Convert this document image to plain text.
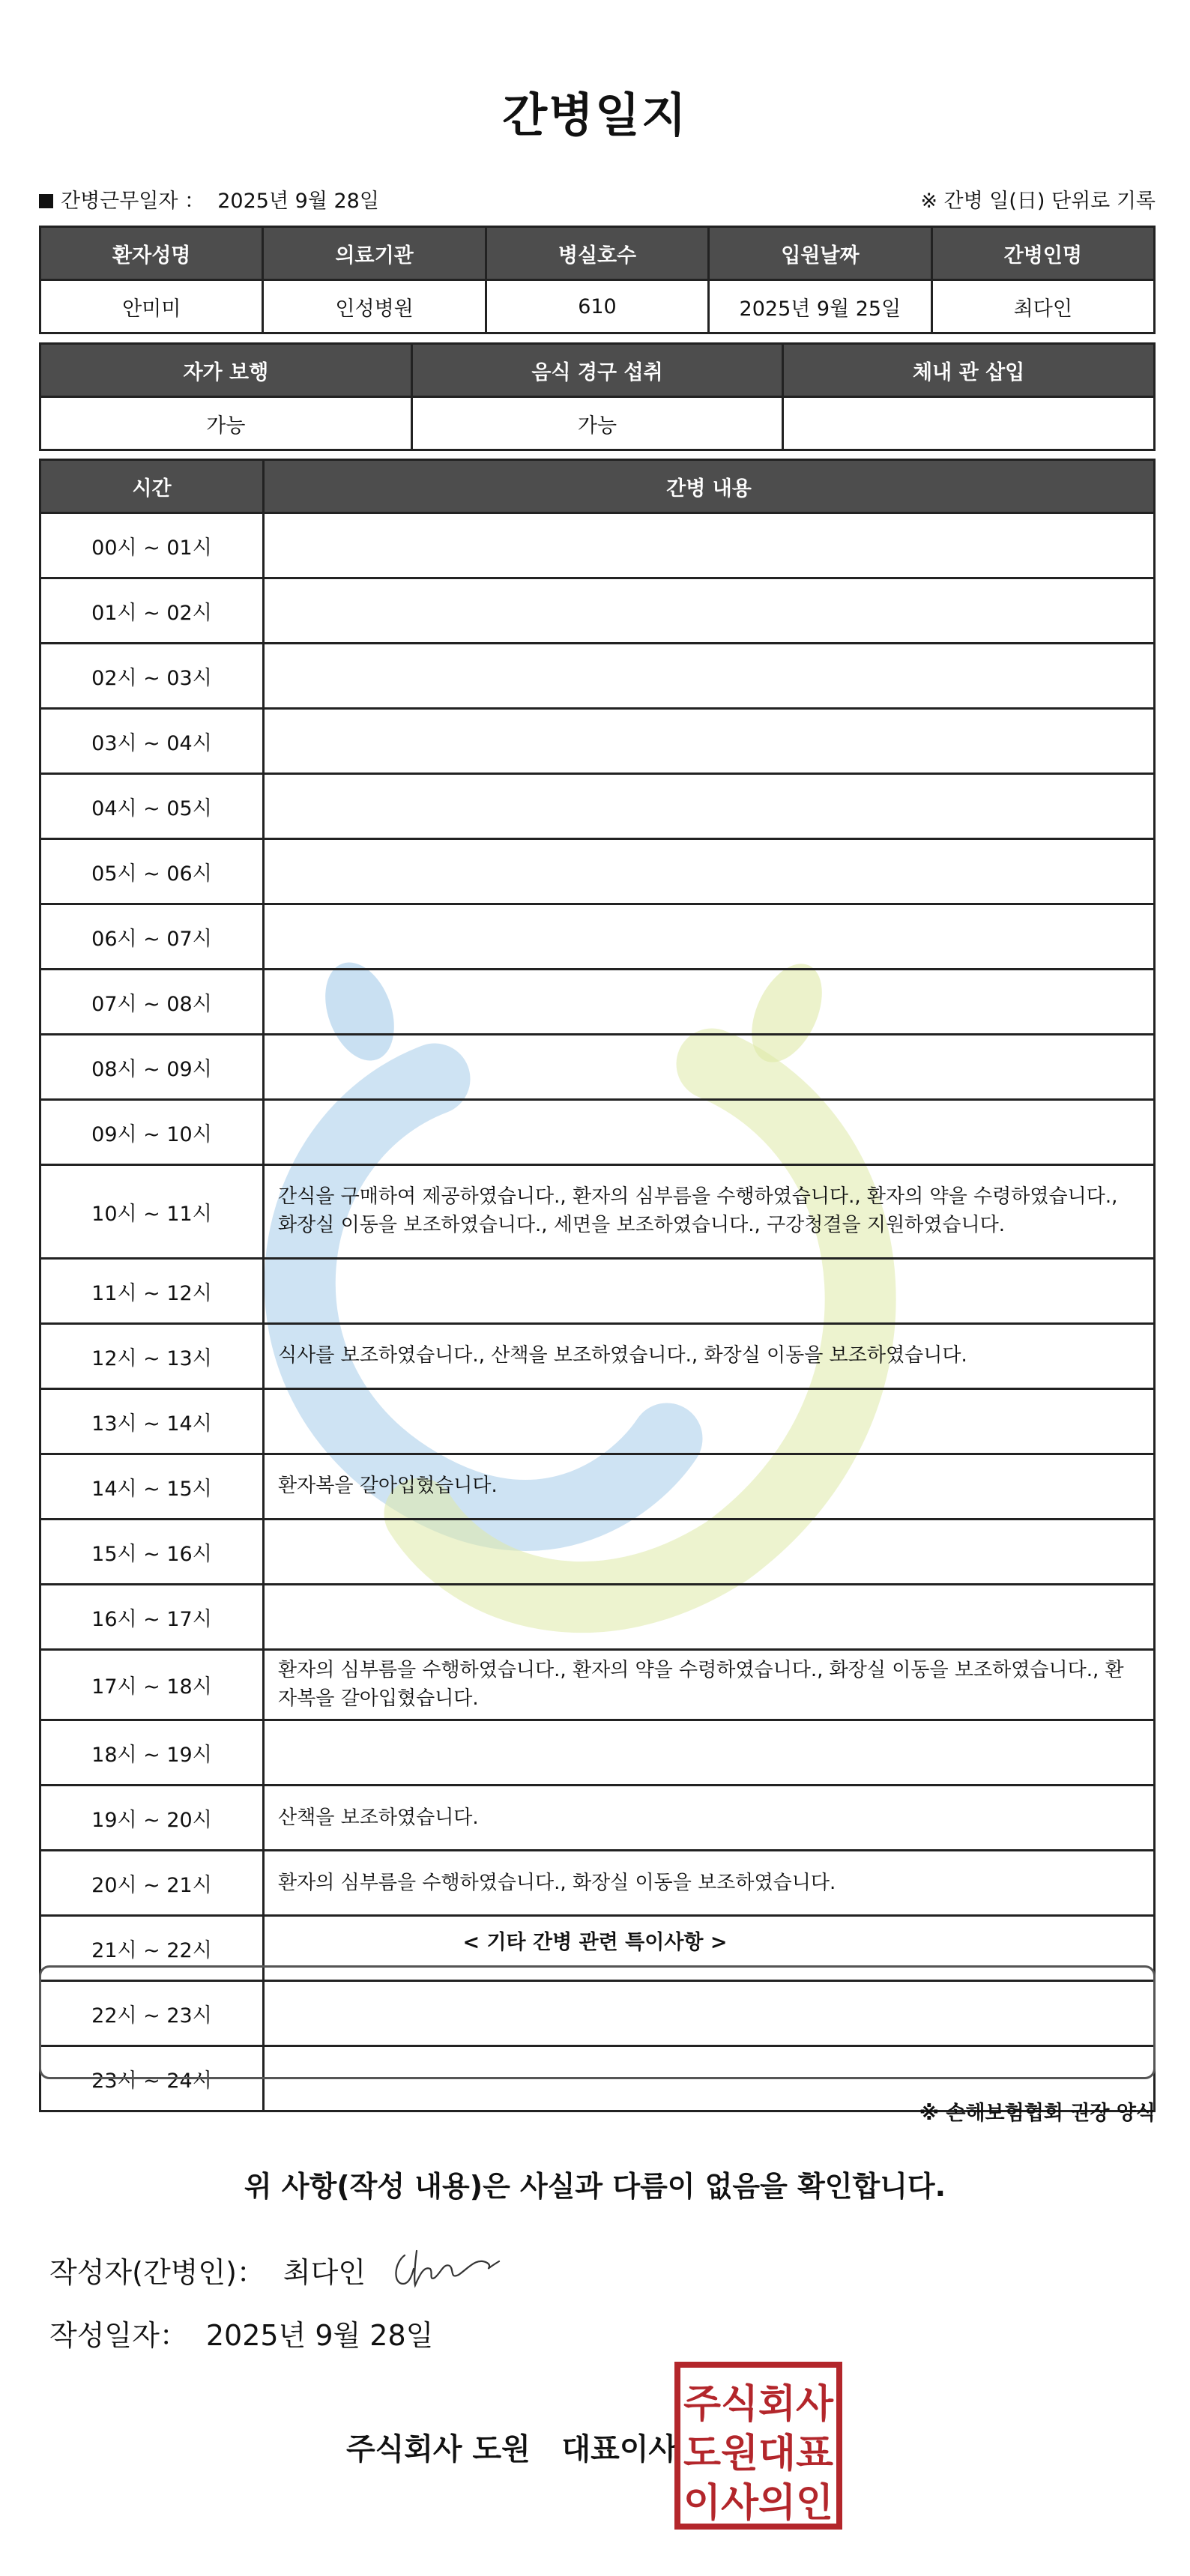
간병일지
간병근무일자 ： 2025년 9월 28일	※ 간병 일(日) 단위로 기록
환자성명	의료기관	병실호수	입원날짜	간병인명
안미미	인성병원	610	2025년 9월 25일	최다인
자가 보행	음식 경구 섭취	체내 관 삽입
가능	가능	
시간	간병 내용
00시 ~ 01시	
01시 ~ 02시	
02시 ~ 03시	
03시 ~ 04시	
04시 ~ 05시	
05시 ~ 06시	
06시 ~ 07시	
07시 ~ 08시	
08시 ~ 09시	
09시 ~ 10시	
10시 ~ 11시	간식을 구매하여 제공하였습니다., 환자의 심부름을 수행하였습니다., 환자의 약을 수령하였습니다., 화장실 이동을 보조하였습니다., 세면을 보조하였습니다., 구강청결을 지원하였습니다.
11시 ~ 12시	
12시 ~ 13시	식사를 보조하였습니다., 산책을 보조하였습니다., 화장실 이동을 보조하였습니다.
13시 ~ 14시	
14시 ~ 15시	환자복을 갈아입혔습니다.
15시 ~ 16시	
16시 ~ 17시	
17시 ~ 18시	환자의 심부름을 수행하였습니다., 환자의 약을 수령하였습니다., 화장실 이동을 보조하였습니다., 환자복을 갈아입혔습니다.
18시 ~ 19시	
19시 ~ 20시	산책을 보조하였습니다.
20시 ~ 21시	환자의 심부름을 수행하였습니다., 화장실 이동을 보조하였습니다.
21시 ~ 22시	
22시 ~ 23시	
23시 ~ 24시	
< 기타 간병 관련 특이사항 >
※ 손해보험협회 권장 양식
위 사항(작성 내용)은 사실과 다름이 없음을 확인합니다.
작성자(간병인)： 최다인
작성일자： 2025년 9월 28일
주식회사 도원   대표이사
주식회사
도원대표
이사의인
